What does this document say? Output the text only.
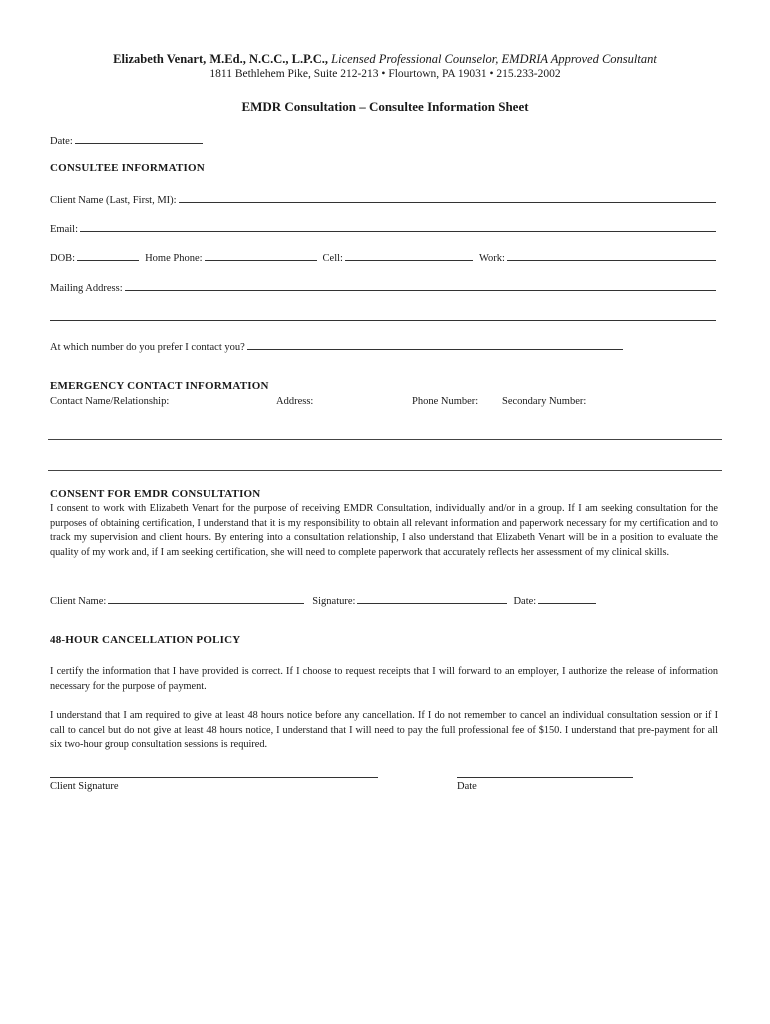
Elizabeth Venart, M.Ed., N.C.C., L.P.C., Licensed Professional Counselor, EMDRIA Approved Consultant
1811 Bethlehem Pike, Suite 212-213 • Flourtown, PA 19031 • 215.233-2002
EMDR Consultation – Consultee Information Sheet
Date:
CONSULTEE INFORMATION
Client Name (Last, First, MI):
Email:
DOB:	Home Phone:	Cell:	Work:
Mailing Address:
At which number do you prefer I contact you?
EMERGENCY CONTACT INFORMATION
Contact Name/Relationship:	Address:	Phone Number: Secondary Number:
CONSENT FOR EMDR CONSULTATION
I consent to work with Elizabeth Venart for the purpose of receiving EMDR Consultation, individually and/or in a group. If I am seeking consultation for the purposes of obtaining certification, I understand that it is my responsibility to obtain all relevant information and paperwork necessary for my certification and to track my supervision and client hours. By entering into a consultation relationship, I also understand that Elizabeth Venart will be in a position to evaluate the quality of my work and, if I am seeking certification, she will need to complete paperwork that accurately reflects her assessment of my clinical skills.
Client Name:	Signature:	Date:
48-HOUR CANCELLATION POLICY
I certify the information that I have provided is correct. If I choose to request receipts that I will forward to an employer, I authorize the release of information necessary for the purpose of payment.
I understand that I am required to give at least 48 hours notice before any cancellation. If I do not remember to cancel an individual consultation session or if I call to cancel but do not give at least 48 hours notice, I understand that I will need to pay the full professional fee of $150. I understand that pre-payment for all six two-hour group consultation sessions is required.
Client Signature	Date
